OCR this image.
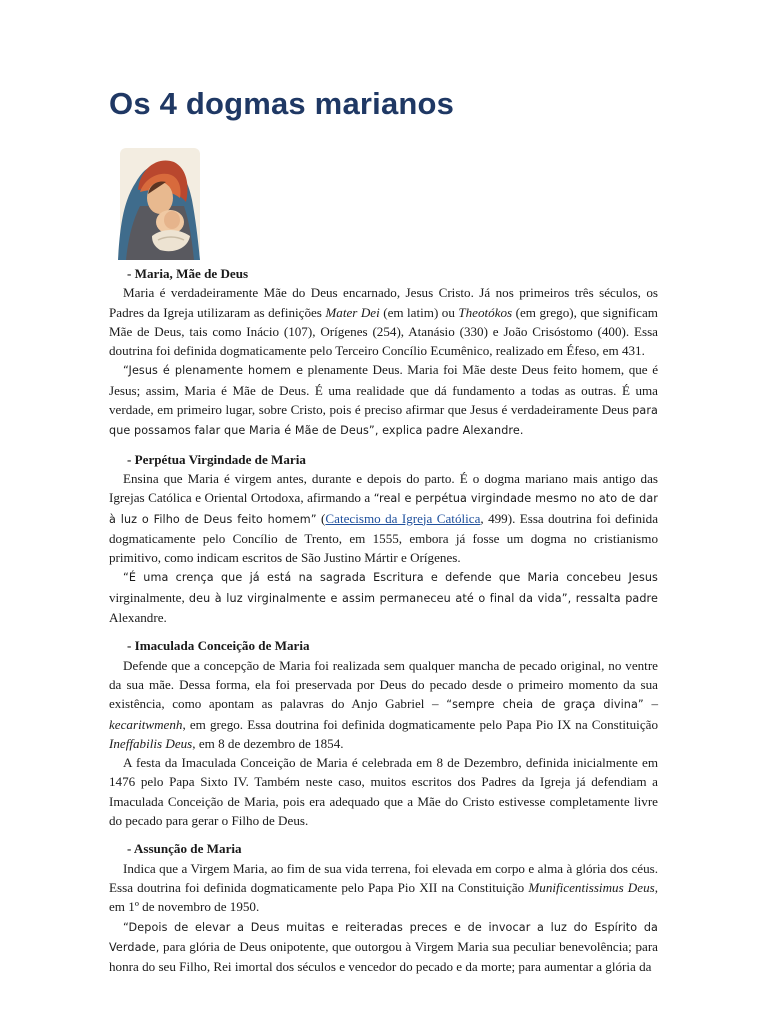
Os 4 dogmas marianos
- Maria, Mãe de Deus

Maria é verdadeiramente Mãe do Deus encarnado, Jesus Cristo. Já nos primeiros três séculos, os Padres da Igreja utilizaram as definições Mater Dei (em latim) ou Theotókos (em grego), que significam Mãe de Deus, tais como Inácio (107), Orígenes (254), Atanásio (330) e João Crisóstomo (400). Essa doutrina foi definida dogmaticamente pelo Terceiro Concílio Ecumênico, realizado em Éfeso, em 431.

“Jesus é plenamente homem e plenamente Deus. Maria foi Mãe deste Deus feito homem, que é Jesus; assim, Maria é Mãe de Deus. É uma realidade que dá fundamento a todas as outras. É uma verdade, em primeiro lugar, sobre Cristo, pois é preciso afirmar que Jesus é verdadeiramente Deus para que possamos falar que Maria é Mãe de Deus”, explica padre Alexandre.

- Perpétua Virgindade de Maria

Ensina que Maria é virgem antes, durante e depois do parto. É o dogma mariano mais antigo das Igrejas Católica e Oriental Ortodoxa, afirmando a “real e perpétua virgindade mesmo no ato de dar à luz o Filho de Deus feito homem” (Catecismo da Igreja Católica, 499). Essa doutrina foi definida dogmaticamente pelo Concílio de Trento, em 1555, embora já fosse um dogma no cristianismo primitivo, como indicam escritos de São Justino Mártir e Orígenes.

“É uma crença que já está na sagrada Escritura e defende que Maria concebeu Jesus virginalmente, deu à luz virginalmente e assim permaneceu até o final da vida”, ressalta padre Alexandre.

- Imaculada Conceição de Maria

Defende que a concepção de Maria foi realizada sem qualquer mancha de pecado original, no ventre da sua mãe. Dessa forma, ela foi preservada por Deus do pecado desde o primeiro momento da sua existência, como apontam as palavras do Anjo Gabriel – “sempre cheia de graça divina” – kecaritwmenh, em grego. Essa doutrina foi definida dogmaticamente pelo Papa Pio IX na Constituição Ineffabilis Deus, em 8 de dezembro de 1854.

A festa da Imaculada Conceição de Maria é celebrada em 8 de Dezembro, definida inicialmente em 1476 pelo Papa Sixto IV. Também neste caso, muitos escritos dos Padres da Igreja já defendiam a Imaculada Conceição de Maria, pois era adequado que a Mãe do Cristo estivesse completamente livre do pecado para gerar o Filho de Deus.

- Assunção de Maria

Indica que a Virgem Maria, ao fim de sua vida terrena, foi elevada em corpo e alma à glória dos céus. Essa doutrina foi definida dogmaticamente pelo Papa Pio XII na Constituição Munificentissimus Deus, em 1º de novembro de 1950.

“Depois de elevar a Deus muitas e reiteradas preces e de invocar a luz do Espírito da Verdade, para glória de Deus onipotente, que outorgou à Virgem Maria sua peculiar benevolência; para honra do seu Filho, Rei imortal dos séculos e vencedor do pecado e da morte; para aumentar a glória da
